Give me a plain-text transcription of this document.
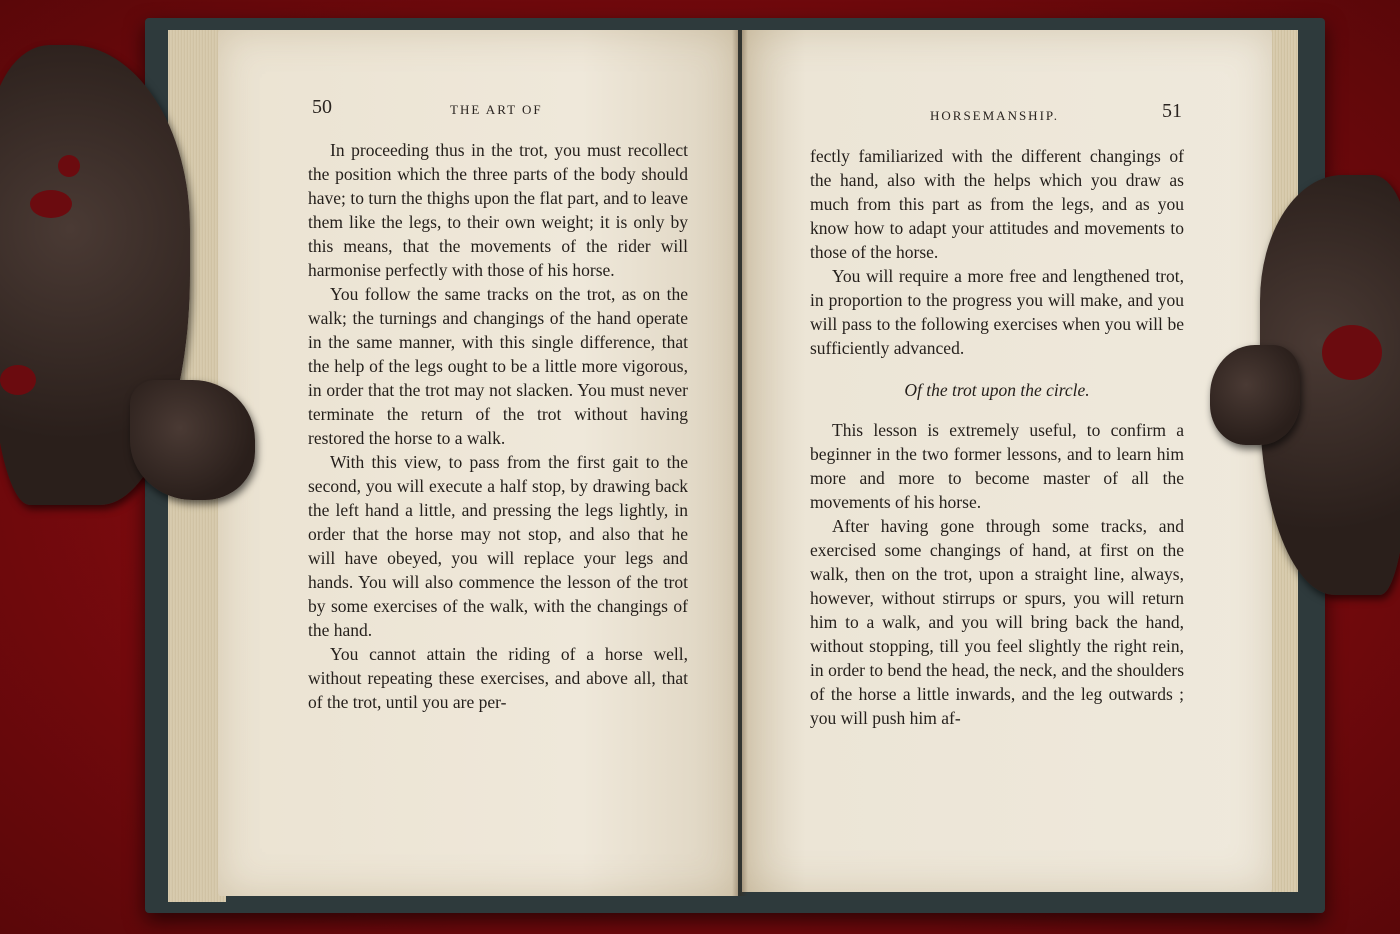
50	THE ART OF

In proceeding thus in the trot, you must recollect the position which the three parts of the body should have; to turn the thighs upon the flat part, and to leave them like the legs, to their own weight; it is only by this means, that the movements of the rider will harmonise perfectly with those of his horse.

You follow the same tracks on the trot, as on the walk; the turnings and changings of the hand operate in the same manner, with this single difference, that the help of the legs ought to be a little more vigorous, in order that the trot may not slacken. You must never terminate the return of the trot without having restored the horse to a walk.

With this view, to pass from the first gait to the second, you will execute a half stop, by drawing back the left hand a little, and pressing the legs lightly, in order that the horse may not stop, and also that he will have obeyed, you will replace your legs and hands. You will also commence the lesson of the trot by some exercises of the walk, with the changings of the hand.

You cannot attain the riding of a horse well, without repeating these exercises, and above all, that of the trot, until you are per-

HORSEMANSHIP.	51

fectly familiarized with the different changings of the hand, also with the helps which you draw as much from this part as from the legs, and as you know how to adapt your attitudes and movements to those of the horse.

You will require a more free and lengthened trot, in proportion to the progress you will make, and you will pass to the following exercises when you will be sufficiently advanced.

Of the trot upon the circle.

This lesson is extremely useful, to confirm a beginner in the two former lessons, and to learn him more and more to become master of all the movements of his horse.

After having gone through some tracks, and exercised some changings of hand, at first on the walk, then on the trot, upon a straight line, always, however, without stirrups or spurs, you will return him to a walk, and you will bring back the hand, without stopping, till you feel slightly the right rein, in order to bend the head, the neck, and the shoulders of the horse a little inwards, and the leg outwards ; you will push him af-
